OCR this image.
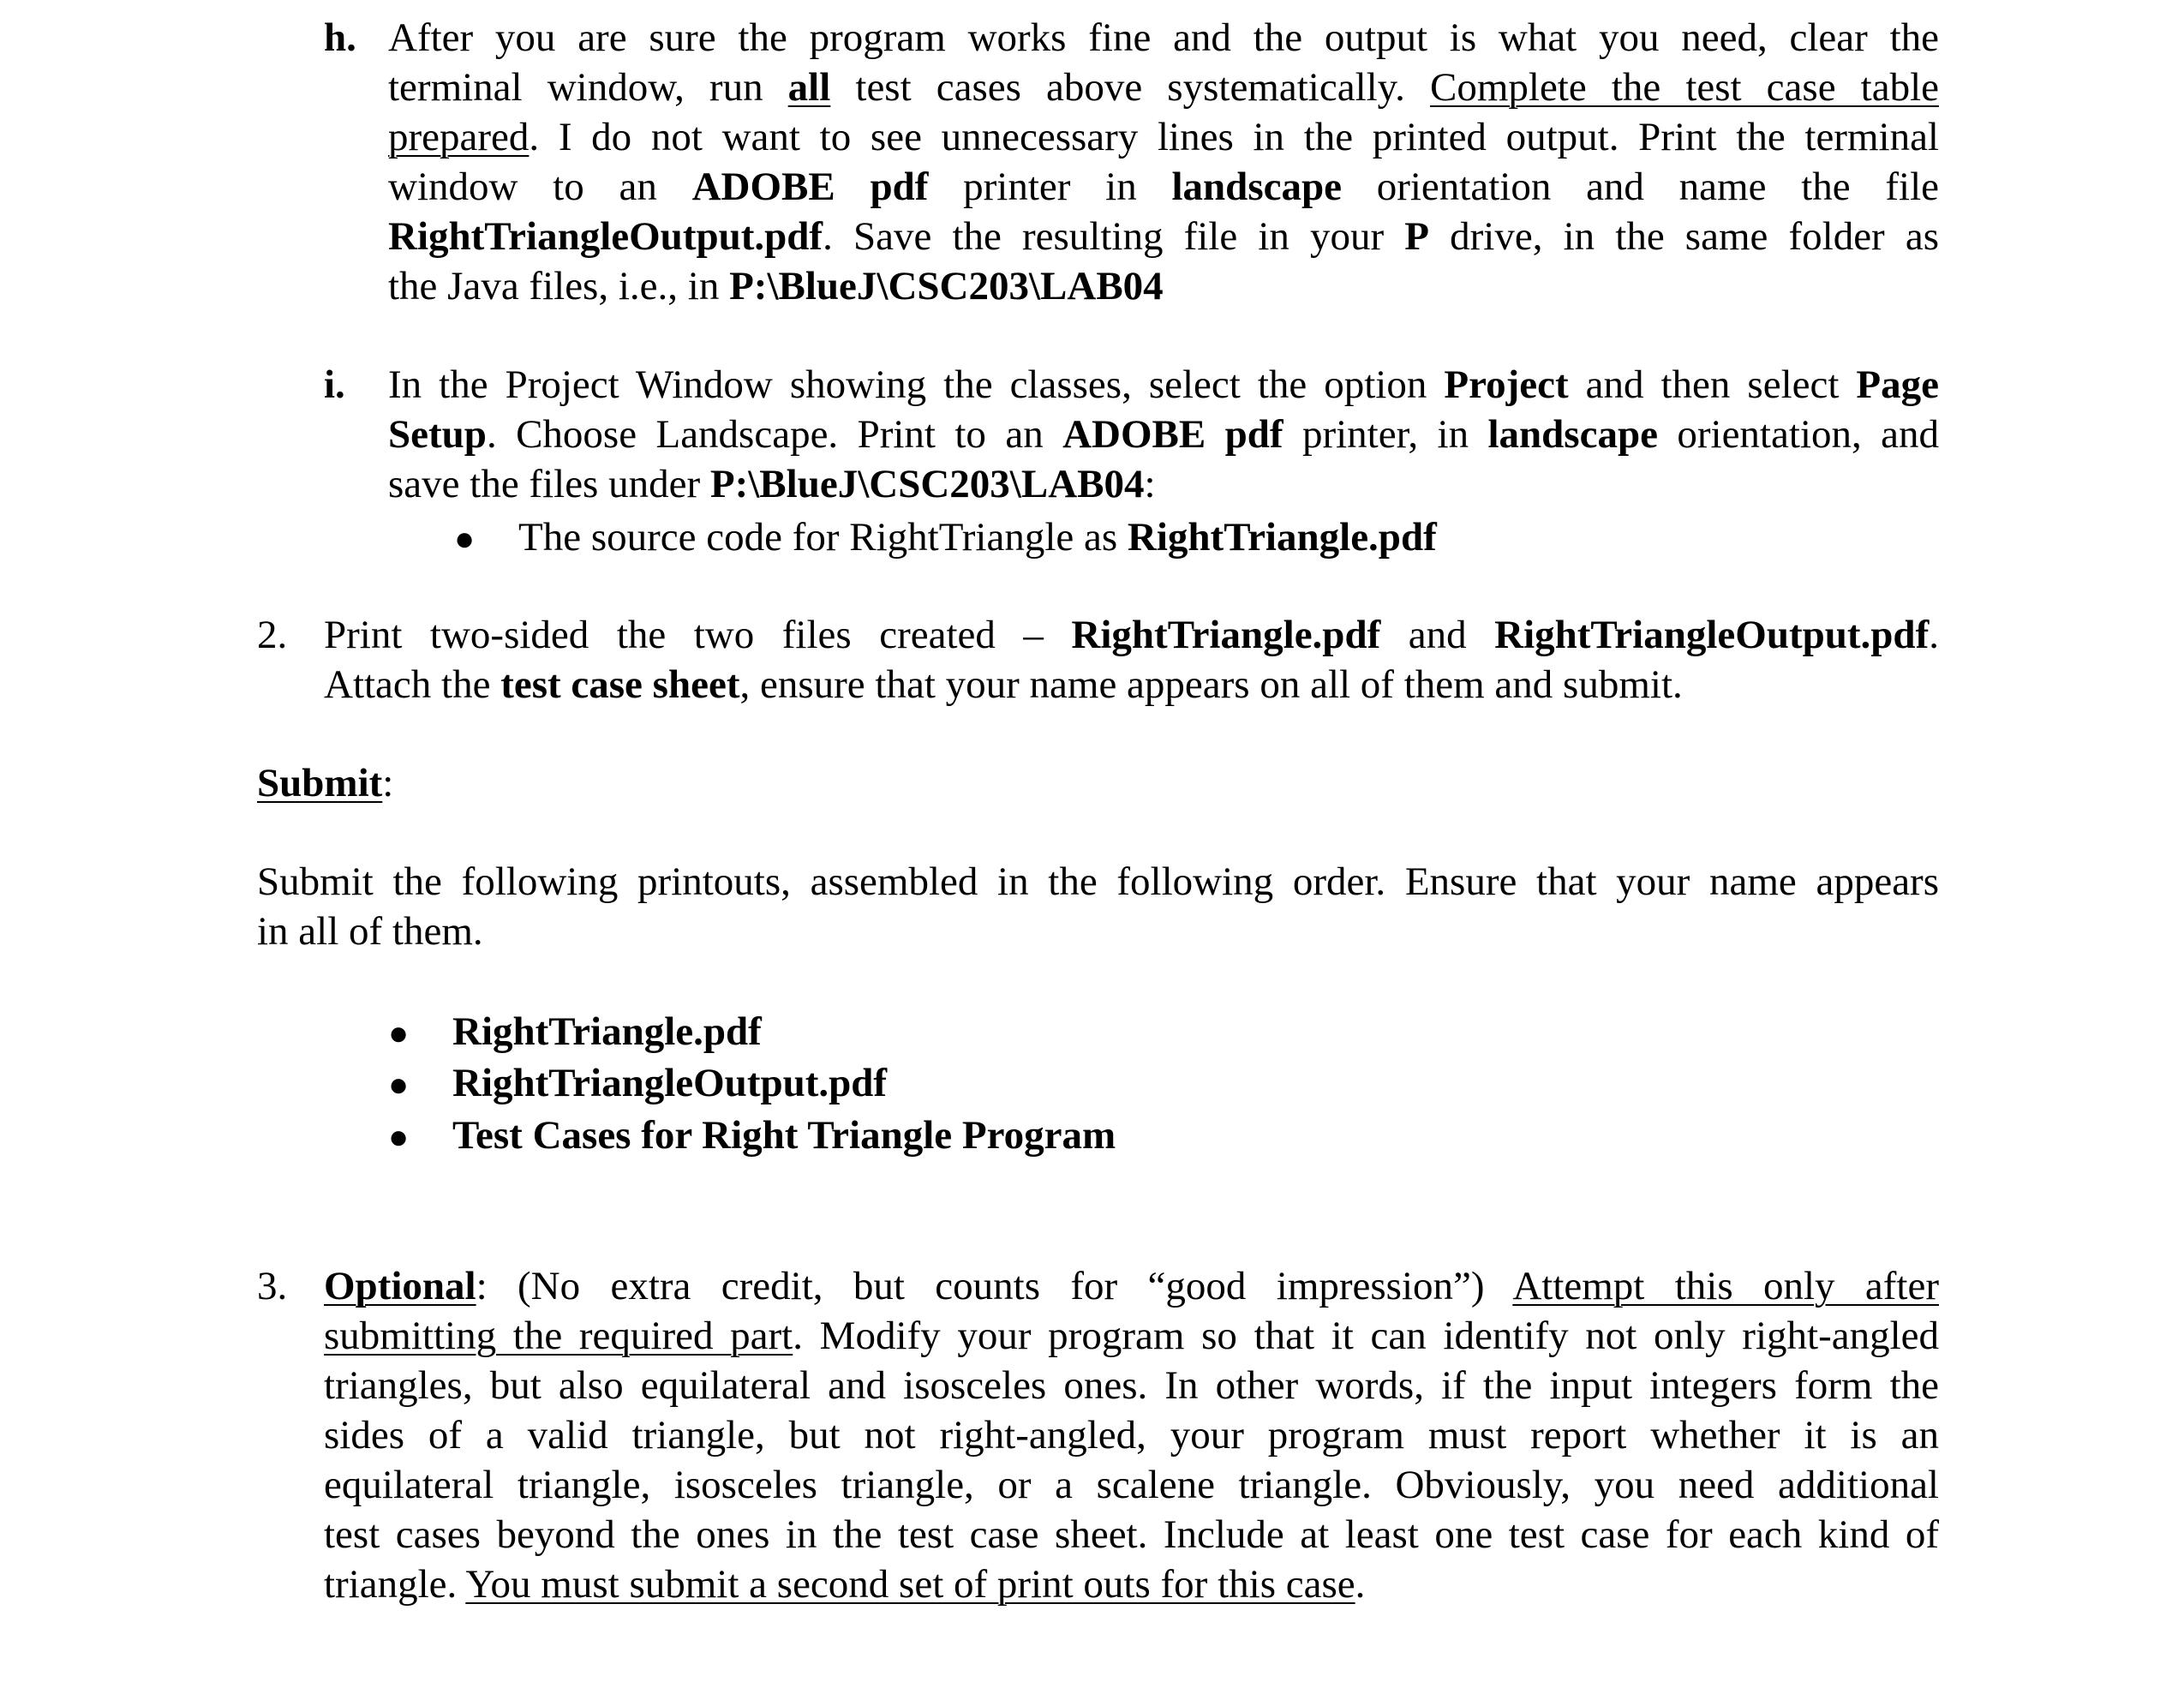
h. After you are sure the program works fine and the output is what you need, clear the
terminal window, run all test cases above systematically. Complete the test case table
prepared. I do not want to see unnecessary lines in the printed output. Print the terminal
window to an ADOBE pdf printer in landscape orientation and name the file
RightTriangleOutput.pdf. Save the resulting file in your P drive, in the same folder as
the Java files, i.e., in P:\BlueJ\CSC203\LAB04
i. In the Project Window showing the classes, select the option Project and then select Page
Setup. Choose Landscape. Print to an ADOBE pdf printer, in landscape orientation, and
save the files under P:\BlueJ\CSC203\LAB04:
● The source code for RightTriangle as RightTriangle.pdf
2. Print two-sided the two files created – RightTriangle.pdf and RightTriangleOutput.pdf.
Attach the test case sheet, ensure that your name appears on all of them and submit.
Submit:
Submit the following printouts, assembled in the following order. Ensure that your name appears
in all of them.
● RightTriangle.pdf
● RightTriangleOutput.pdf
● Test Cases for Right Triangle Program
3. Optional: (No extra credit, but counts for “good impression”) Attempt this only after
submitting the required part. Modify your program so that it can identify not only right-angled
triangles, but also equilateral and isosceles ones. In other words, if the input integers form the
sides of a valid triangle, but not right-angled, your program must report whether it is an
equilateral triangle, isosceles triangle, or a scalene triangle. Obviously, you need additional
test cases beyond the ones in the test case sheet. Include at least one test case for each kind of
triangle. You must submit a second set of print outs for this case.
